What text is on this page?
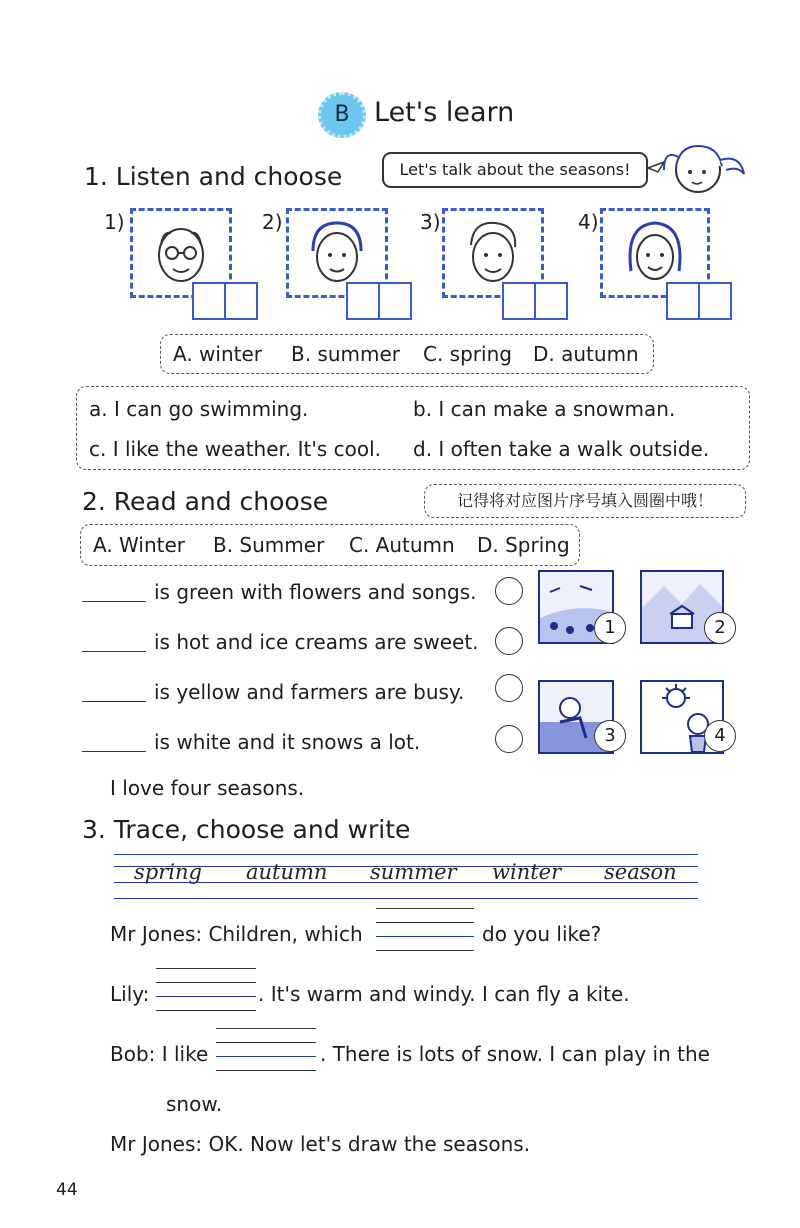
B Let's learn
1. Listen and choose	Let's talk about the seasons!
1)	2)	3)	4)
A. winter B. summer C. spring D. autumn
a. I can go swimming.	b. I can make a snowman.
c. I like the weather. It's cool. d. I often take a walk outside.
2. Read and choose	记得将对应图片序号填入圆圈中哦！
A. Winter B. Summer C. Autumn D. Spring
is green with flowers and songs.
is hot and ice creams are sweet.
is yellow and farmers are busy.
is white and it snows a lot.
I love four seasons.
1	2
3	4
3. Trace, choose and write
spring autumn summer winter season
Mr Jones: Children, which	do you like?
Lily:	. It's warm and windy. I can fly a kite.
Bob: I like	. There is lots of snow. I can play in the
snow.
Mr Jones: OK. Now let's draw the seasons.
44
